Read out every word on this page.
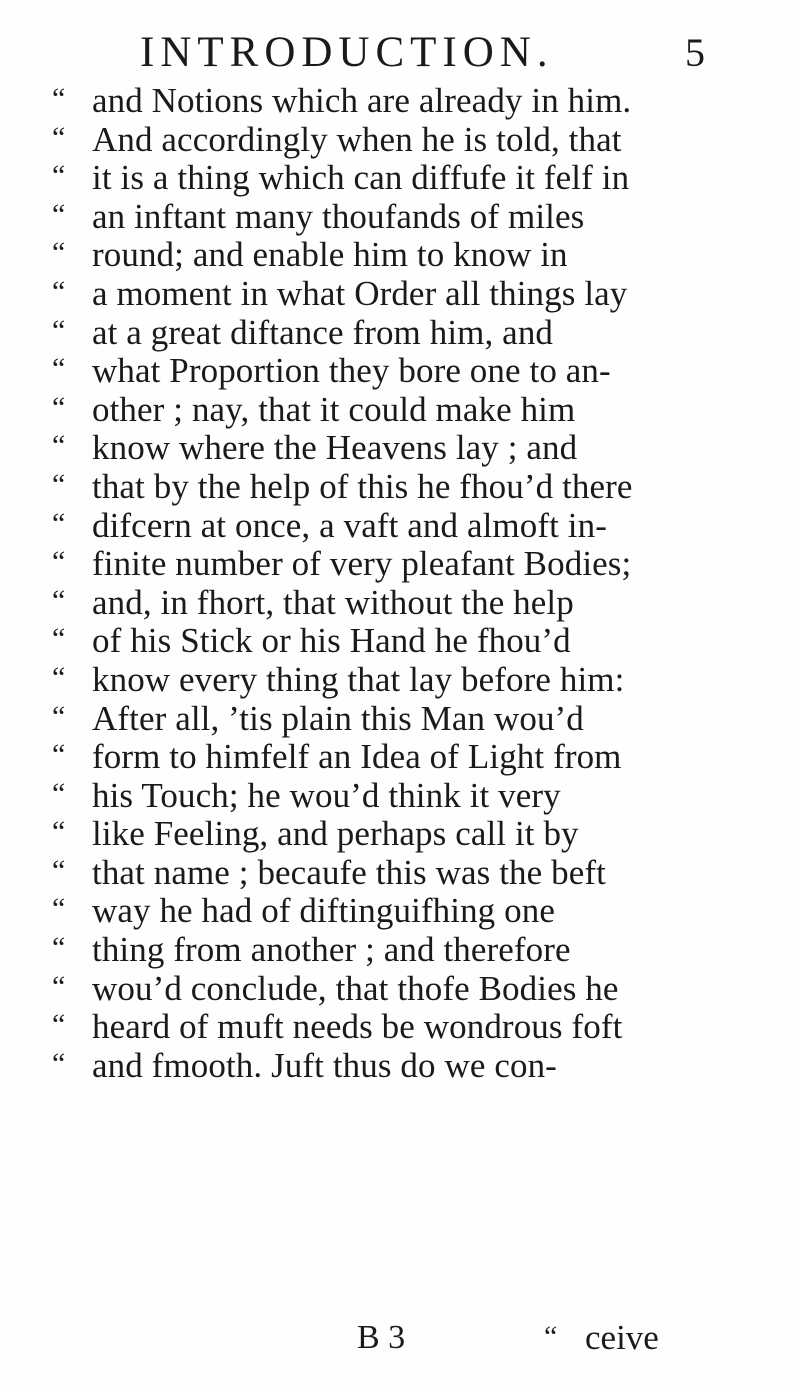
INTRODUCTION.	5
“ and Notions which are already in him.
“ And accordingly when he is told, that
“ it is a thing which can diffufe it felf in
“ an inftant many thoufands of miles
“ round; and enable him to know in
“ a moment in what Order all things lay
“ at a great diftance from him, and
“ what Proportion they bore one to an-
“ other ; nay, that it could make him
“ know where the Heavens lay ; and
“ that by the help of this he fhou’d there
“ difcern at once, a vaft and almoft in-
“ finite number of very pleafant Bodies;
“ and, in fhort, that without the help
“ of his Stick or his Hand he fhou’d
“ know every thing that lay before him:
“ After all, ’tis plain this Man wou’d
“ form to himfelf an Idea of Light from
“ his Touch; he wou’d think it very
“ like Feeling, and perhaps call it by
“ that name ; becaufe this was the beft
“ way he had of diftinguifhing one
“ thing from another ; and therefore
“ wou’d conclude, that thofe Bodies he
“ heard of muft needs be wondrous foft
“ and fmooth. Juft thus do we con-
B 3	“ ceive
